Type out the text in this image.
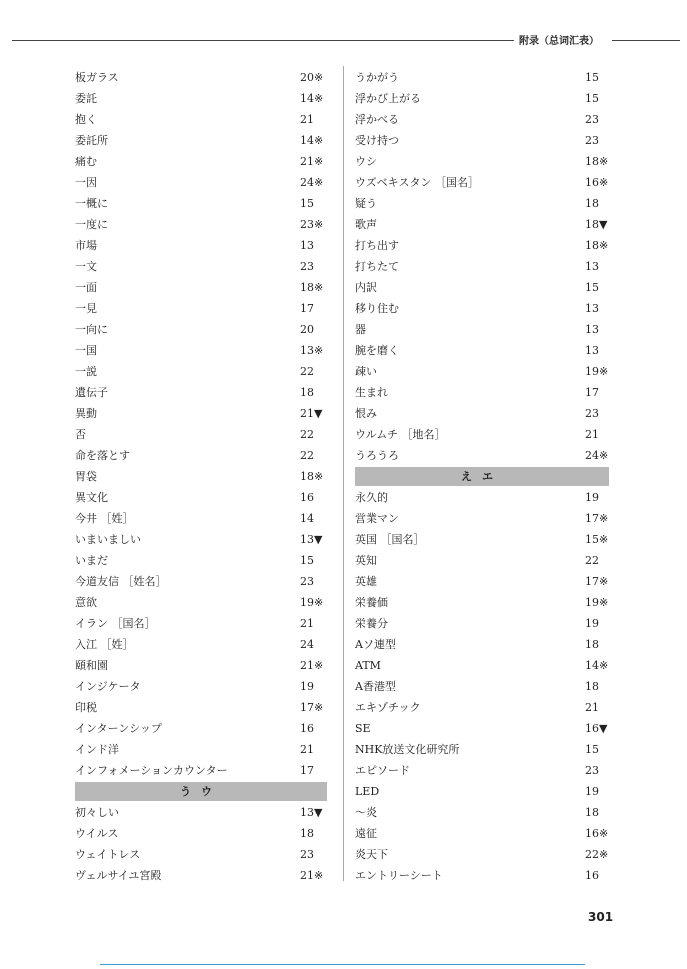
附录（总词汇表）
板ガラス	20※
委託	14※
抱く	21
委託所	14※
痛む	21※
一因	24※
一概に	15
一度に	23※
市場	13
一文	23
一面	18※
一見	17
一向に	20
一国	13※
一説	22
遺伝子	18
異動	21▼
否	22
命を落とす	22
胃袋	18※
異文化	16
今井 ［姓］	14
いまいましい	13▼
いまだ	15
今道友信 ［姓名］	23
意欲	19※
イラン ［国名］	21
入江 ［姓］	24
頤和園	21※
インジケータ	19
印税	17※
インターンシップ	16
インド洋	21
インフォメーションカウンター	17
うウ
初々しい	13▼
ウイルス	18
ウェイトレス	23
ヴェルサイユ宮殿	21※
うかがう	15
浮かび上がる	15
浮かべる	23
受け持つ	23
ウシ	18※
ウズベキスタン ［国名］	16※
疑う	18
歌声	18▼
打ち出す	18※
打ちたて	13
内訳	15
移り住む	13
器	13
腕を磨く	13
疎い	19※
生まれ	17
恨み	23
ウルムチ ［地名］	21
うろうろ	24※
えエ
永久的	19
営業マン	17※
英国 ［国名］	15※
英知	22
英雄	17※
栄養価	19※
栄養分	19
Aソ連型	18
ATM	14※
A香港型	18
エキゾチック	21
SE	16▼
NHK放送文化研究所	15
エピソード	23
LED	19
～炎	18
遠征	16※
炎天下	22※
エントリーシート	16
301
